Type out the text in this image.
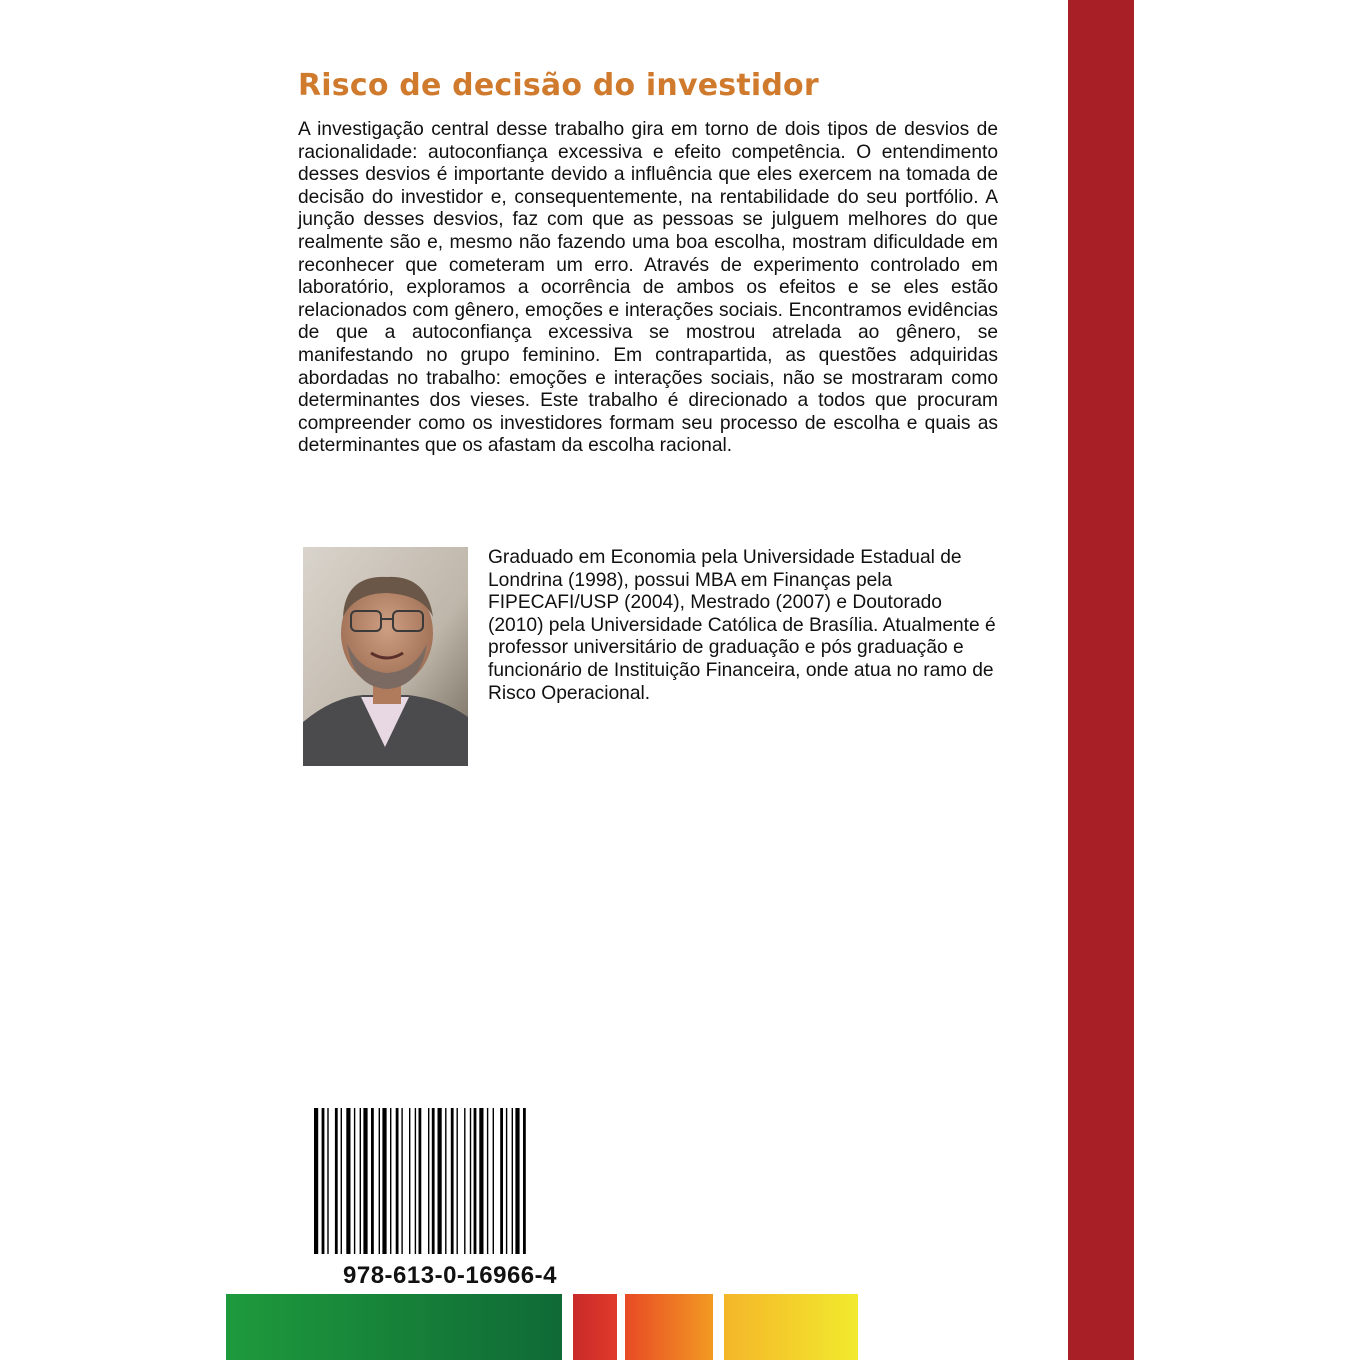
Risco de decisão do investidor

A investigação central desse trabalho gira em torno de dois tipos de desvios de racionalidade: autoconfiança excessiva e efeito competência. O entendimento desses desvios é importante devido a influência que eles exercem na tomada de decisão do investidor e, consequentemente, na rentabilidade do seu portfólio. A junção desses desvios, faz com que as pessoas se julguem melhores do que realmente são e, mesmo não fazendo uma boa escolha, mostram dificuldade em reconhecer que cometeram um erro. Através de experimento controlado em laboratório, exploramos a ocorrência de ambos os efeitos e se eles estão relacionados com gênero, emoções e interações sociais. Encontramos evidências de que a autoconfiança excessiva se mostrou atrelada ao gênero, se manifestando no grupo feminino. Em contrapartida, as questões adquiridas abordadas no trabalho: emoções e interações sociais, não se mostraram como determinantes dos vieses. Este trabalho é direcionado a todos que procuram compreender como os investidores formam seu processo de escolha e quais as determinantes que os afastam da escolha racional.

Graduado em Economia pela Universidade Estadual de Londrina (1998), possui MBA em Finanças pela FIPECAFI/USP (2004), Mestrado (2007) e Doutorado (2010) pela Universidade Católica de Brasília. Atualmente é professor universitário de graduação e pós graduação e funcionário de Instituição Financeira, onde atua no ramo de Risco Operacional.

978-613-0-16966-4
